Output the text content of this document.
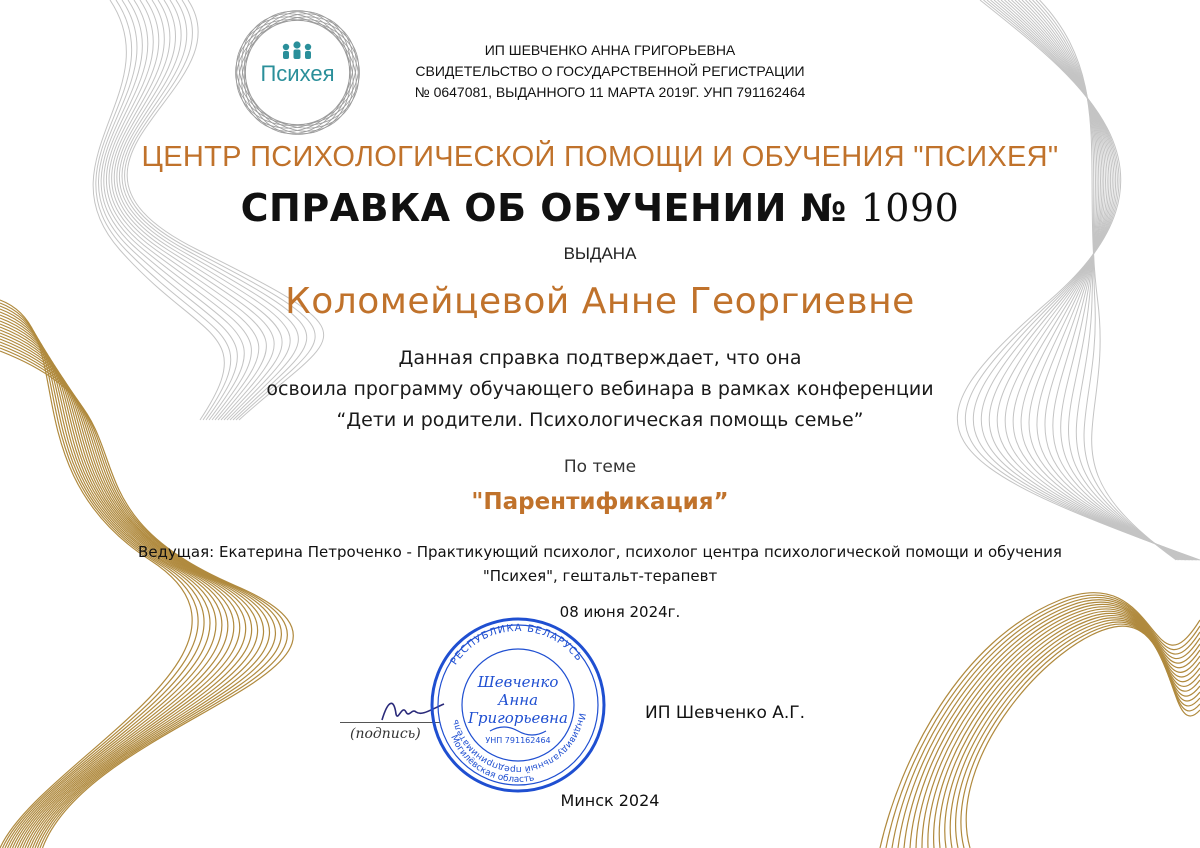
Психея
ИП ШЕВЧЕНКО АННА ГРИГОРЬЕВНА
СВИДЕТЕЛЬСТВО О ГОСУДАРСТВЕННОЙ РЕГИСТРАЦИИ
№ 0647081, ВЫДАННОГО 11 МАРТА 2019Г. УНП 791162464
ЦЕНТР ПСИХОЛОГИЧЕСКОЙ ПОМОЩИ И ОБУЧЕНИЯ "ПСИХЕЯ"
СПРАВКА ОБ ОБУЧЕНИИ № 1090
ВЫДАНА
Коломейцевой Анне Георгиевне
Данная справка подтверждает, что она
освоила программу обучающего вебинара в рамках конференции
“Дети и родители. Психологическая помощь семье”
По теме
"Парентификация”
Ведущая: Екатерина Петроченко - Практикующий психолог, психолог центра психологической помощи и обучения
"Психея", гештальт-терапевт
08 июня 2024г.
(подпись)
РЕСПУБЛИКА БЕЛАРУСЬ
Индивидуальный предприниматель
Могилёвская область
Шевченко
Анна
Григорьевна
УНП 791162464
ИП Шевченко А.Г.
Минск 2024
